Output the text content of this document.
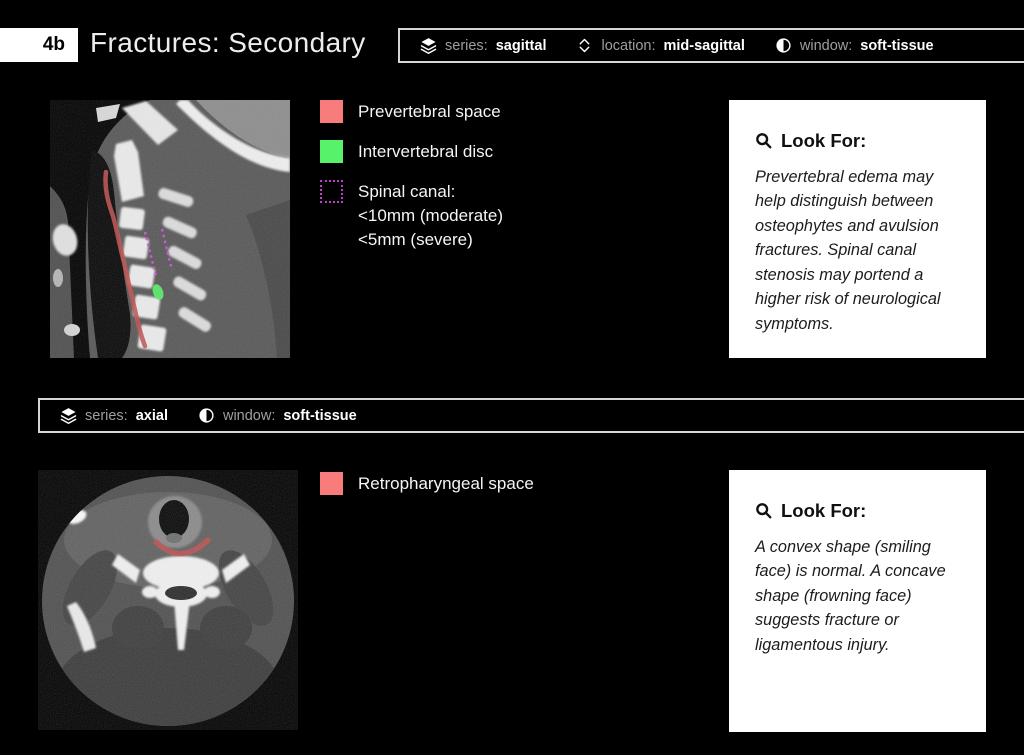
4b Fractures: Secondary	series: sagittal	location: mid-sagittal	window: soft-tissue
Prevertebral space
Intervertebral disc
Spinal canal:
<10mm (moderate)
<5mm (severe)
Look For:
Prevertebral edema may help distinguish between osteophytes and avulsion fractures. Spinal canal stenosis may portend a higher risk of neurological symptoms.
series: axial	window: soft-tissue
Retropharyngeal space
Look For:
A convex shape (smiling face) is normal. A concave shape (frowning face) suggests fracture or ligamentous injury.
